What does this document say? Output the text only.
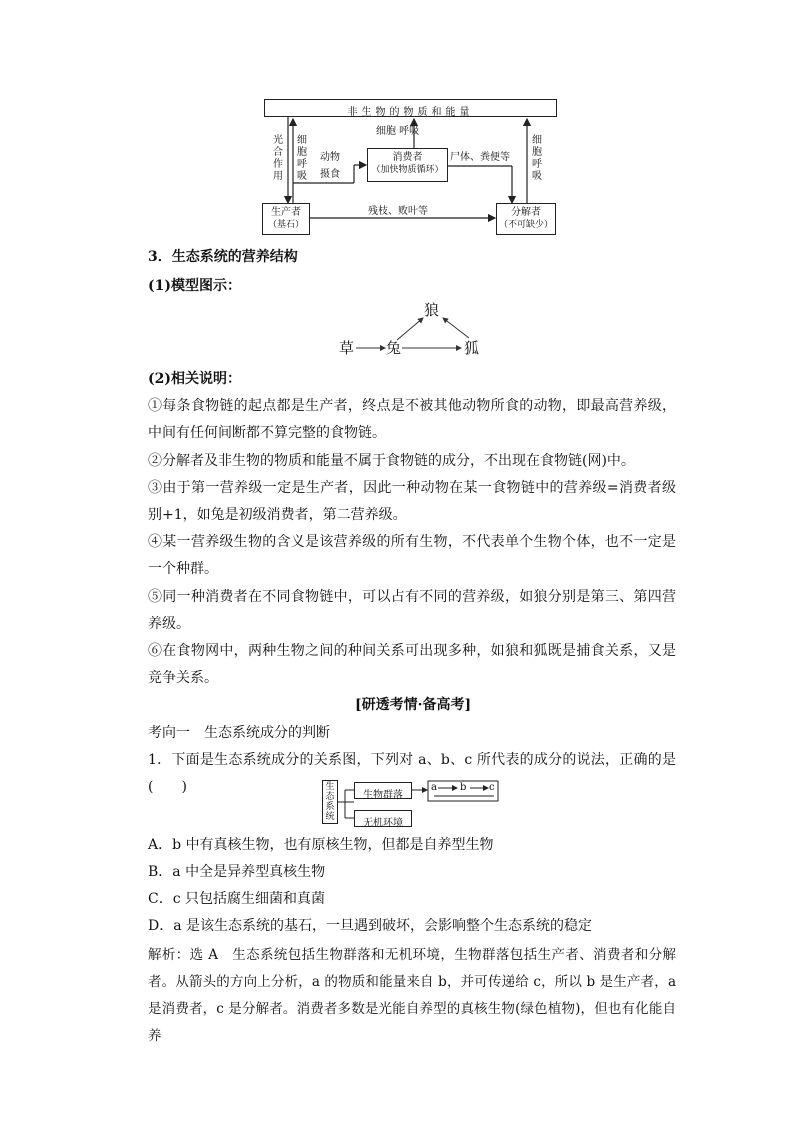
非生物的物质和能量
光合作用
细胞呼吸
细胞 呼吸
细胞呼吸
动物
摄食
消费者
（加快物质循环）
尸体、粪便等
生产者
（基石）
残枝、败叶等	分解者
（不可缺少）
3．生态系统的营养结构
(1)模型图示：
狼
草 兔	狐
(2)相关说明：
①每条食物链的起点都是生产者，终点是不被其他动物所食的动物，即最高营养级，中间有任何间断都不算完整的食物链。
②分解者及非生物的物质和能量不属于食物链的成分，不出现在食物链(网)中。
③由于第一营养级一定是生产者，因此一种动物在某一食物链中的营养级=消费者级别+1，如兔是初级消费者，第二营养级。
④某一营养级生物的含义是该营养级的所有生物，不代表单个生物个体，也不一定是一个种群。
⑤同一种消费者在不同食物链中，可以占有不同的营养级，如狼分别是第三、第四营养级。
⑥在食物网中，两种生物之间的种间关系可出现多种，如狼和狐既是捕食关系，又是竞争关系。
[研透考情·备高考]
考向一　生态系统成分的判断
1．下面是生态系统成分的关系图，下列对 a、b、c 所代表的成分的说法，正确的是(　　)	生态系统
生物群落
无机环境
a b c
A．b 中有真核生物，也有原核生物，但都是自养型生物
B．a 中全是异养型真核生物
C．c 只包括腐生细菌和真菌
D．a 是该生态系统的基石，一旦遇到破坏，会影响整个生态系统的稳定
解析：选 A　生态系统包括生物群落和无机环境，生物群落包括生产者、消费者和分解者。从箭头的方向上分析，a 的物质和能量来自 b，并可传递给 c，所以 b 是生产者，a 是消费者，c 是分解者。消费者多数是光能自养型的真核生物(绿色植物)，但也有化能自养
